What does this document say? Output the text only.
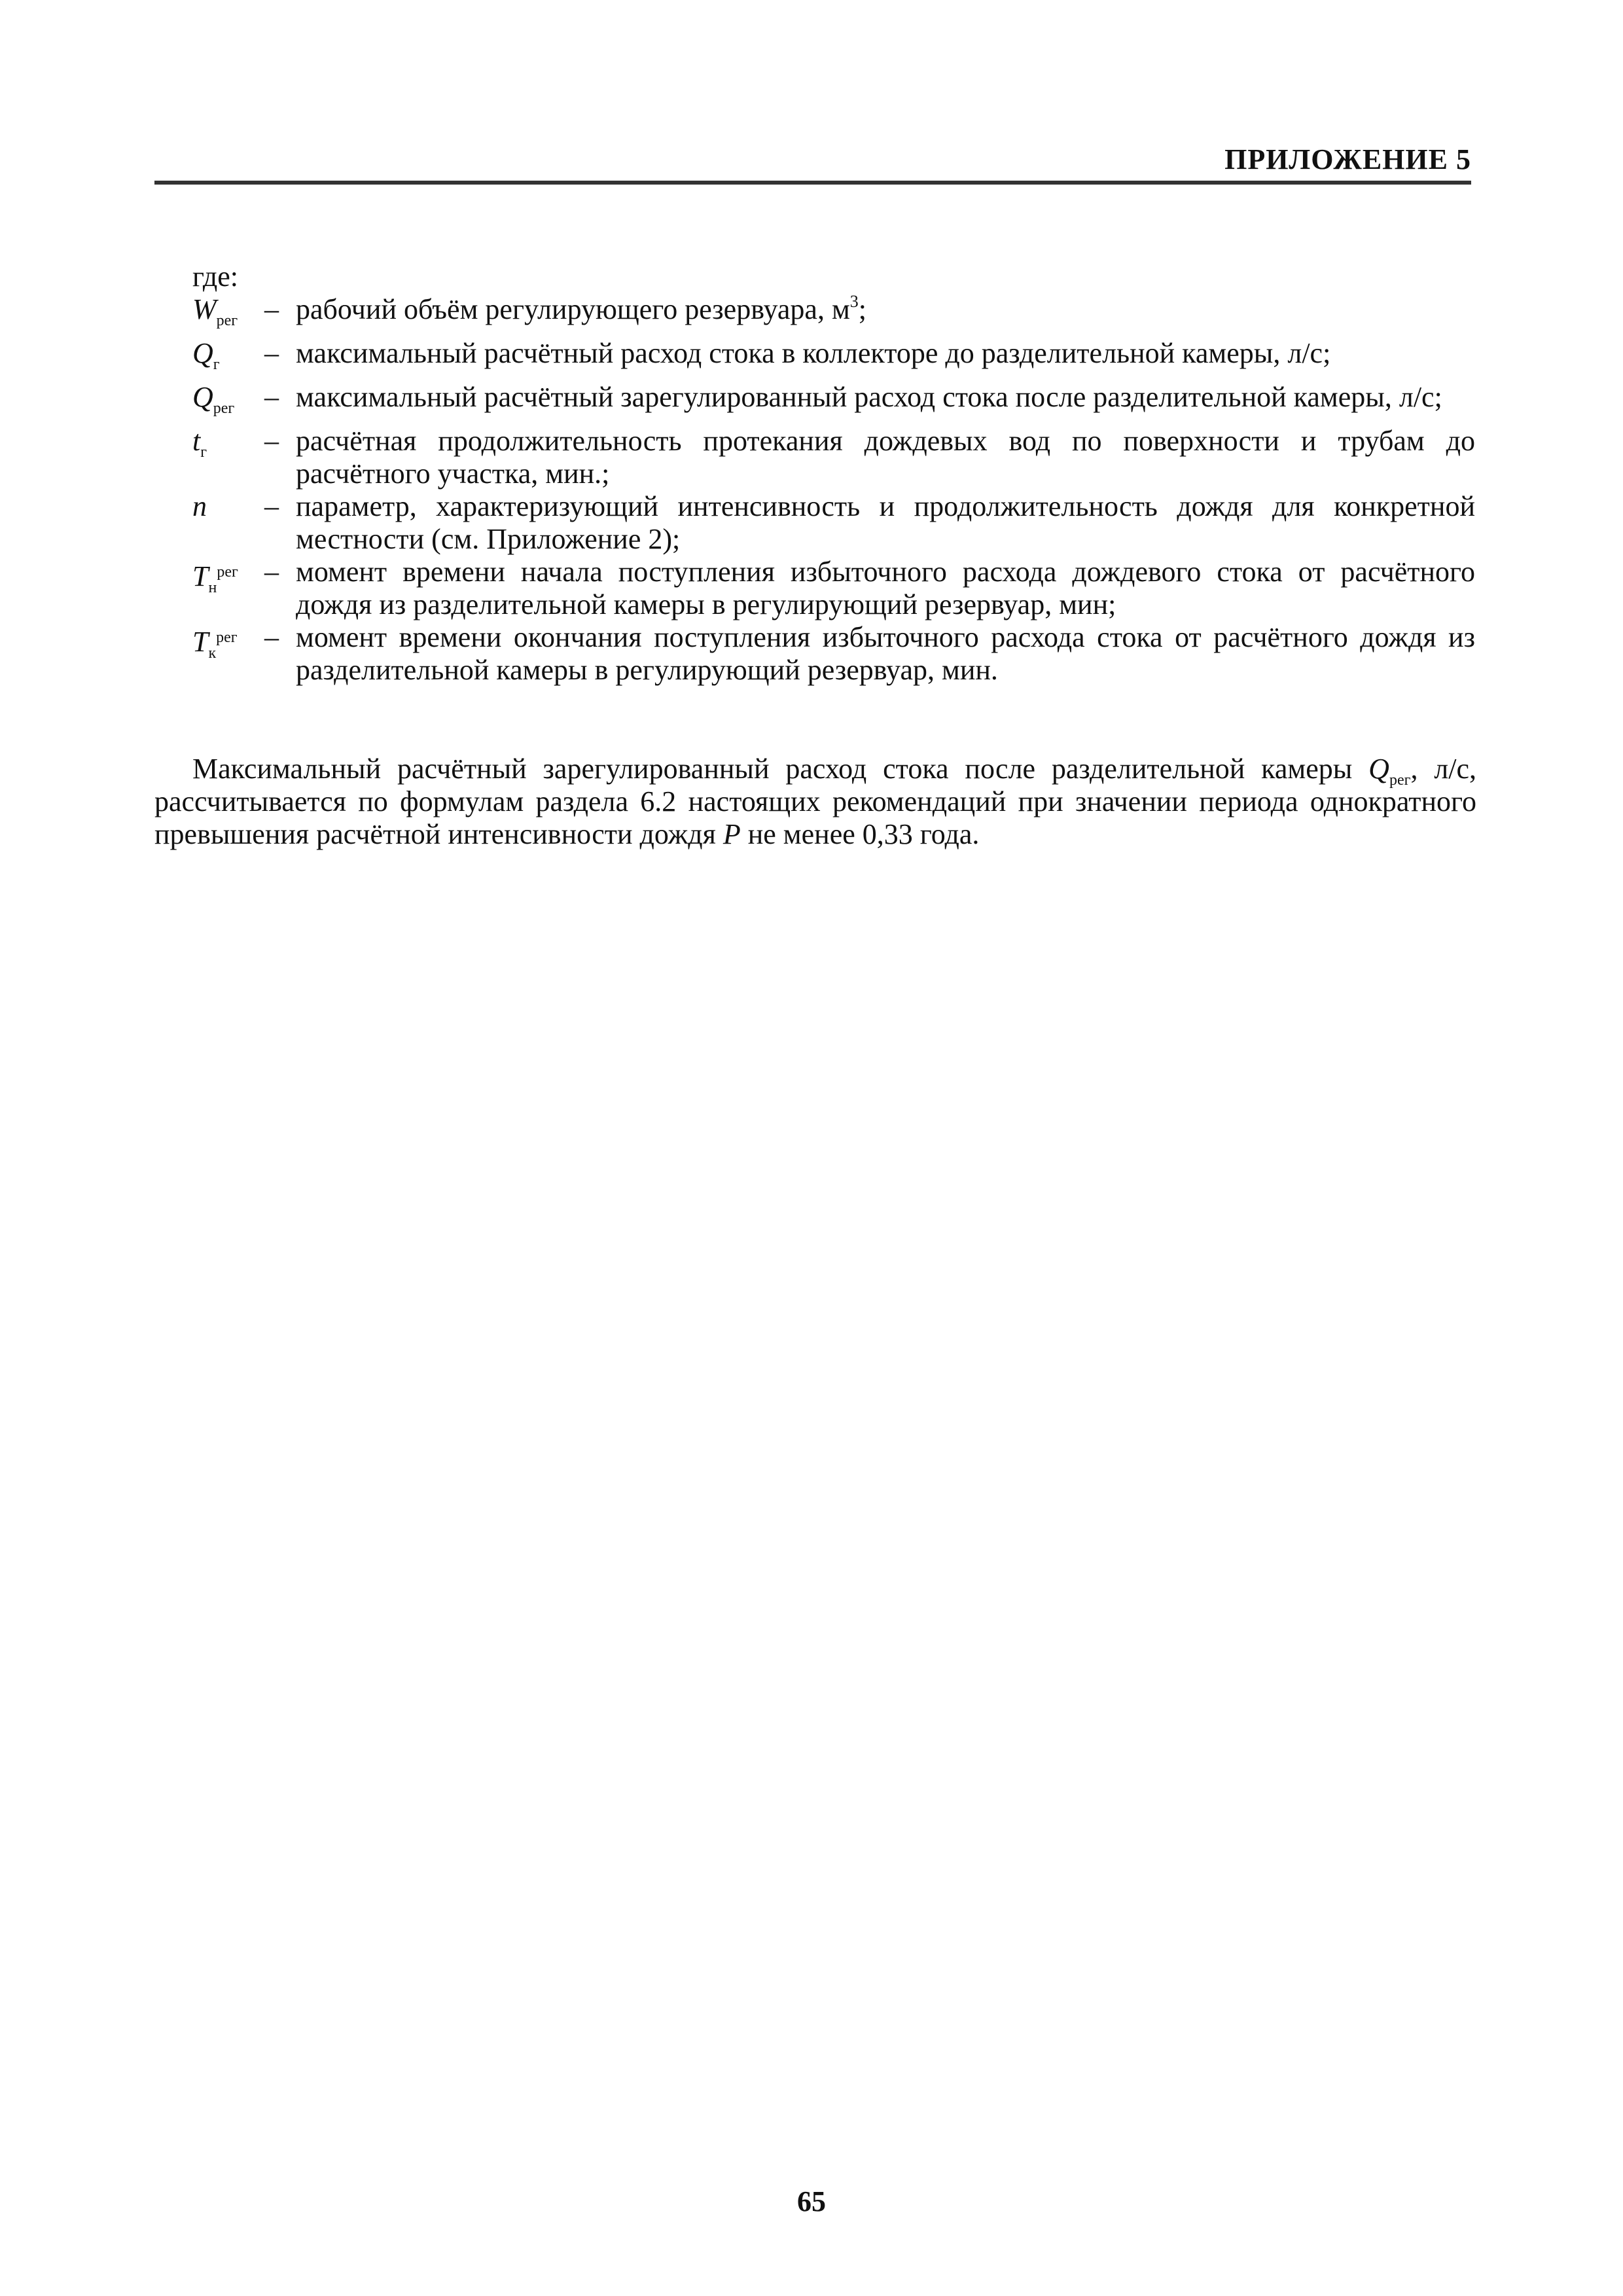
ПРИЛОЖЕНИЕ 5
где:
$W_{рег}$ – рабочий объём регулирующего резервуара, $м^3$;
$Q_г$	– максимальный расчётный расход стока в коллекторе до разделительной камеры, л/с;
$Q_{рег}$	– максимальный расчётный зарегулированный расход стока после разделительной камеры, л/с;
$t_г$	– расчётная продолжительность протекания дождевых вод по поверхности и трубам до расчётного участка, мин.;
n	– параметр, характеризующий интенсивность и продолжительность дождя для конкретной местности (см. Приложение 2);
$T_н^{рег}$ – момент времени начала поступления избыточного расхода дождевого стока от расчётного дождя из разделительной камеры в регулирующий резервуар, мин;
$T_к^{рег}$ – момент времени окончания поступления избыточного расхода стока от расчётного дождя из разделительной камеры в регулирующий резервуар, мин.
Максимальный расчётный зарегулированный расход стока после разделительной камеры $Q_{рег}$, л/с, рассчитывается по формулам раздела 6.2 настоящих рекомендаций при значении периода однократного превышения расчётной интенсивности дождя P не менее 0,33 года.
65
